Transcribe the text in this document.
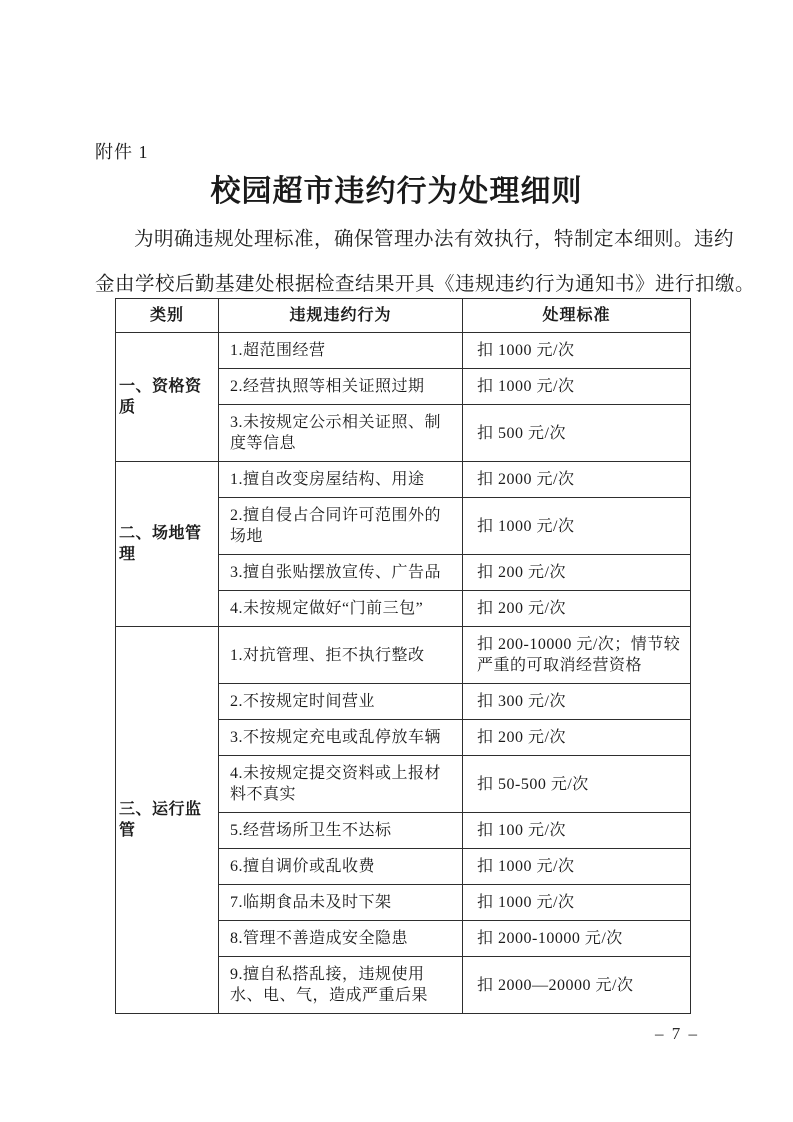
附件 1
校园超市违约行为处理细则
为明确违规处理标准，确保管理办法有效执行，特制定本细则。违约
金由学校后勤基建处根据检查结果开具《违规违约行为通知书》进行扣缴。
类别	违规违约行为	处理标准
一、资格资质	1.超范围经营	扣 1000 元/次
	2.经营执照等相关证照过期	扣 1000 元/次
	3.未按规定公示相关证照、制度等信息	扣 500 元/次
二、场地管理	1.擅自改变房屋结构、用途	扣 2000 元/次
	2.擅自侵占合同许可范围外的场地	扣 1000 元/次
	3.擅自张贴摆放宣传、广告品	扣 200 元/次
	4.未按规定做好“门前三包”	扣 200 元/次
三、运行监管	1.对抗管理、拒不执行整改	扣 200-10000 元/次；情节较严重的可取消经营资格
	2.不按规定时间营业	扣 300 元/次
	3.不按规定充电或乱停放车辆	扣 200 元/次
	4.未按规定提交资料或上报材料不真实	扣 50-500 元/次
	5.经营场所卫生不达标	扣 100 元/次
	6.擅自调价或乱收费	扣 1000 元/次
	7.临期食品未及时下架	扣 1000 元/次
	8.管理不善造成安全隐患	扣 2000-10000 元/次
	9.擅自私搭乱接，违规使用水、电、气，造成严重后果	扣 2000—20000 元/次
– 7 –
